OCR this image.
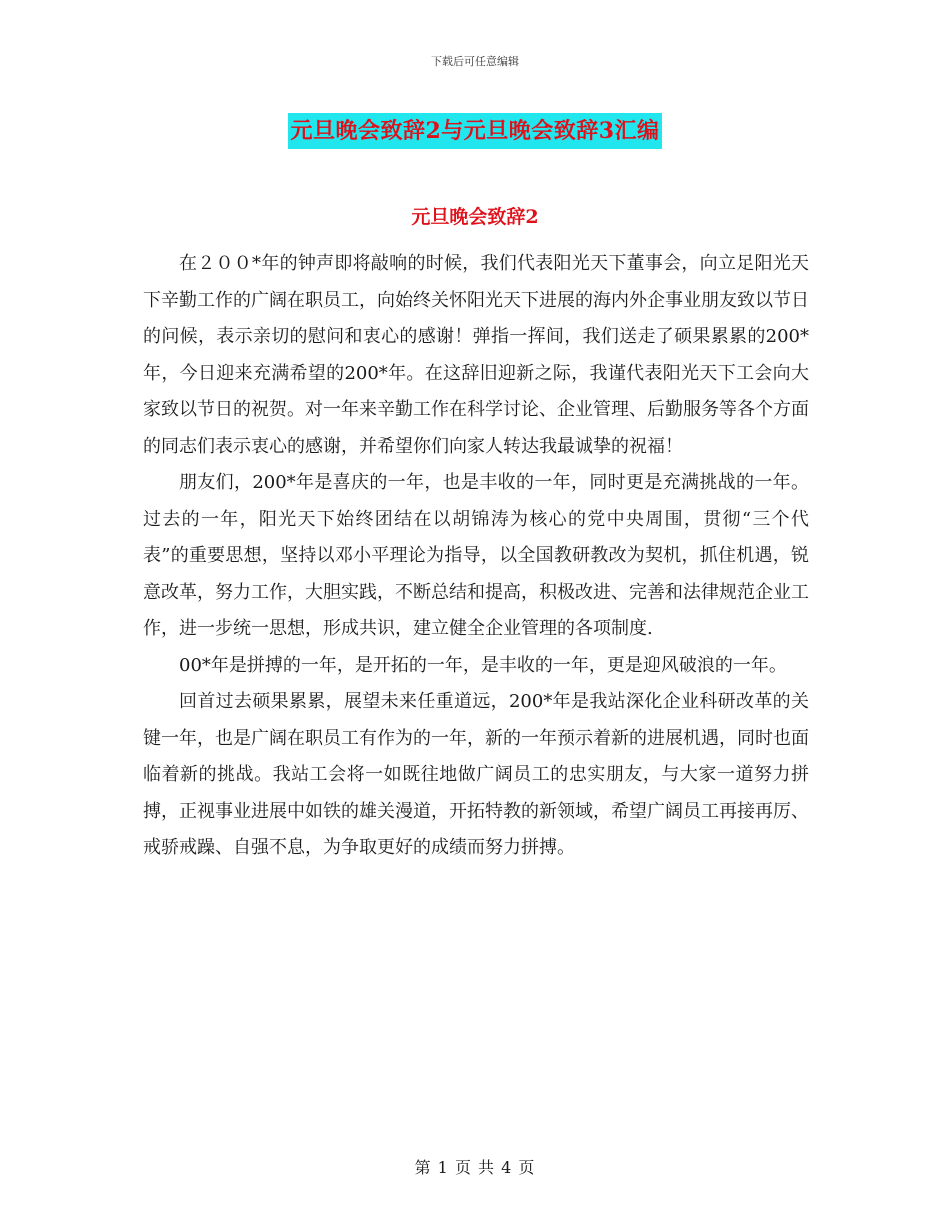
下载后可任意编辑
元旦晚会致辞2与元旦晚会致辞3汇编
元旦晚会致辞2

在２００*年的钟声即将敲响的时候，我们代表阳光天下董事会，向立足阳光天下辛勤工作的广阔在职员工，向始终关怀阳光天下进展的海内外企事业朋友致以节日的问候，表示亲切的慰问和衷心的感谢！弹指一挥间，我们送走了硕果累累的200*年，今日迎来充满希望的200*年。在这辞旧迎新之际，我谨代表阳光天下工会向大家致以节日的祝贺。对一年来辛勤工作在科学讨论、企业管理、后勤服务等各个方面的同志们表示衷心的感谢，并希望你们向家人转达我最诚挚的祝福！

朋友们，200*年是喜庆的一年，也是丰收的一年，同时更是充满挑战的一年。过去的一年，阳光天下始终团结在以胡锦涛为核心的党中央周围，贯彻“三个代表”的重要思想，坚持以邓小平理论为指导，以全国教研教改为契机，抓住机遇，锐意改革，努力工作，大胆实践，不断总结和提高，积极改进、完善和法律规范企业工作，进一步统一思想，形成共识，建立健全企业管理的各项制度.

00*年是拼搏的一年，是开拓的一年，是丰收的一年，更是迎风破浪的一年。

回首过去硕果累累，展望未来任重道远，200*年是我站深化企业科研改革的关键一年，也是广阔在职员工有作为的一年，新的一年预示着新的进展机遇，同时也面临着新的挑战。我站工会将一如既往地做广阔员工的忠实朋友，与大家一道努力拼搏，正视事业进展中如铁的雄关漫道，开拓特教的新领域，希望广阔员工再接再厉、戒骄戒躁、自强不息，为争取更好的成绩而努力拼搏。

第 1 页 共 4 页
